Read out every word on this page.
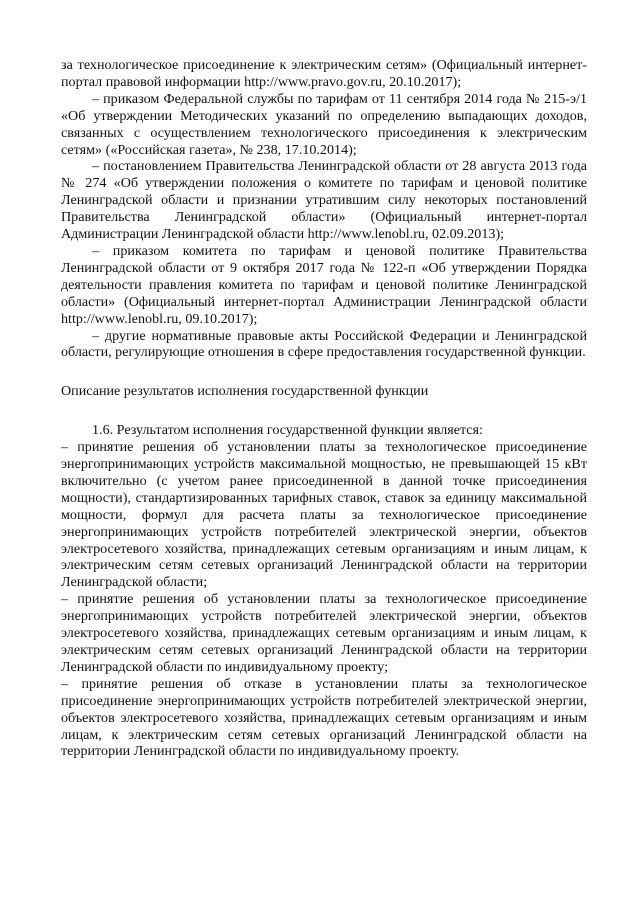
за технологическое присоединение к электрическим сетям» (Официальный интернет-портал правовой информации http://www.pravo.gov.ru, 20.10.2017);

– приказом Федеральной службы по тарифам от 11 сентября 2014 года № 215-э/1 «Об утверждении Методических указаний по определению выпадающих доходов, связанных с осуществлением технологического присоединения к электрическим сетям» («Российская газета», № 238, 17.10.2014);

– постановлением Правительства Ленинградской области от 28 августа 2013 года № 274 «Об утверждении положения о комитете по тарифам и ценовой политике Ленинградской области и признании утратившим силу некоторых постановлений Правительства Ленинградской области» (Официальный интернет-портал Администрации Ленинградской области http://www.lenobl.ru, 02.09.2013);

– приказом комитета по тарифам и ценовой политике Правительства Ленинградской области от 9 октября 2017 года № 122-п «Об утверждении Порядка деятельности правления комитета по тарифам и ценовой политике Ленинградской области» (Официальный интернет-портал Администрации Ленинградской области http://www.lenobl.ru, 09.10.2017);

– другие нормативные правовые акты Российской Федерации и Ленинградской области, регулирующие отношения в сфере предоставления государственной функции.

Описание результатов исполнения государственной функции

1.6. Результатом исполнения государственной функции является:

– принятие решения об установлении платы за технологическое присоединение энергопринимающих устройств максимальной мощностью, не превышающей 15 кВт включительно (с учетом ранее присоединенной в данной точке присоединения мощности), стандартизированных тарифных ставок, ставок за единицу максимальной мощности, формул для расчета платы за технологическое присоединение энергопринимающих устройств потребителей электрической энергии, объектов электросетевого хозяйства, принадлежащих сетевым организациям и иным лицам, к электрическим сетям сетевых организаций Ленинградской области на территории Ленинградской области;

– принятие решения об установлении платы за технологическое присоединение энергопринимающих устройств потребителей электрической энергии, объектов электросетевого хозяйства, принадлежащих сетевым организациям и иным лицам, к электрическим сетям сетевых организаций Ленинградской области на территории Ленинградской области по индивидуальному проекту;

– принятие решения об отказе в установлении платы за технологическое присоединение энергопринимающих устройств потребителей электрической энергии, объектов электросетевого хозяйства, принадлежащих сетевым организациям и иным лицам, к электрическим сетям сетевых организаций Ленинградской области на территории Ленинградской области по индивидуальному проекту.
